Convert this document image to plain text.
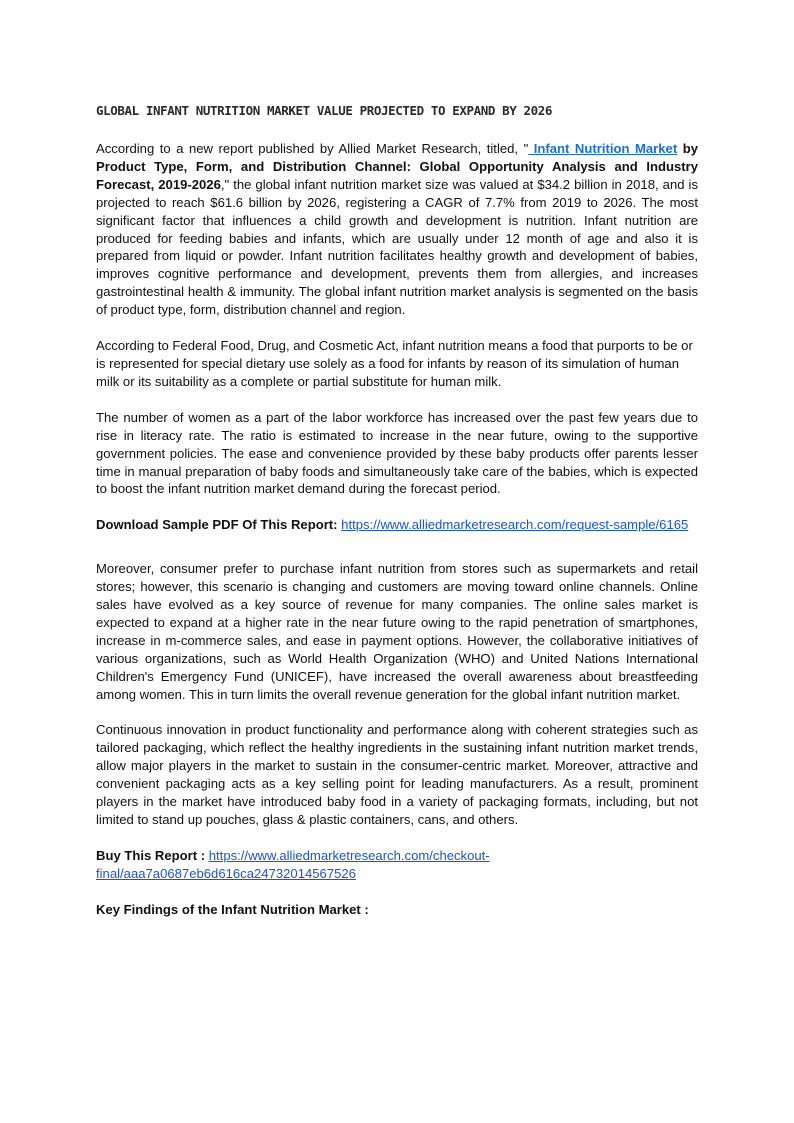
GLOBAL INFANT NUTRITION MARKET VALUE PROJECTED TO EXPAND BY 2026

According to a new report published by Allied Market Research, titled, " Infant Nutrition Market by Product Type, Form, and Distribution Channel: Global Opportunity Analysis and Industry Forecast, 2019-2026," the global infant nutrition market size was valued at $34.2 billion in 2018, and is projected to reach $61.6 billion by 2026, registering a CAGR of 7.7% from 2019 to 2026. The most significant factor that influences a child growth and development is nutrition. Infant nutrition are produced for feeding babies and infants, which are usually under 12 month of age and also it is prepared from liquid or powder. Infant nutrition facilitates healthy growth and development of babies, improves cognitive performance and development, prevents them from allergies, and increases gastrointestinal health & immunity. The global infant nutrition market analysis is segmented on the basis of product type, form, distribution channel and region.

According to Federal Food, Drug, and Cosmetic Act, infant nutrition means a food that purports to be or is represented for special dietary use solely as a food for infants by reason of its simulation of human milk or its suitability as a complete or partial substitute for human milk.

The number of women as a part of the labor workforce has increased over the past few years due to rise in literacy rate. The ratio is estimated to increase in the near future, owing to the supportive government policies. The ease and convenience provided by these baby products offer parents lesser time in manual preparation of baby foods and simultaneously take care of the babies, which is expected to boost the infant nutrition market demand during the forecast period.

Download Sample PDF Of This Report: https://www.alliedmarketresearch.com/request-sample/6165

Moreover, consumer prefer to purchase infant nutrition from stores such as supermarkets and retail stores; however, this scenario is changing and customers are moving toward online channels. Online sales have evolved as a key source of revenue for many companies. The online sales market is expected to expand at a higher rate in the near future owing to the rapid penetration of smartphones, increase in m-commerce sales, and ease in payment options. However, the collaborative initiatives of various organizations, such as World Health Organization (WHO) and United Nations International Children's Emergency Fund (UNICEF), have increased the overall awareness about breastfeeding among women. This in turn limits the overall revenue generation for the global infant nutrition market.

Continuous innovation in product functionality and performance along with coherent strategies such as tailored packaging, which reflect the healthy ingredients in the sustaining infant nutrition market trends, allow major players in the market to sustain in the consumer-centric market. Moreover, attractive and convenient packaging acts as a key selling point for leading manufacturers. As a result, prominent players in the market have introduced baby food in a variety of packaging formats, including, but not limited to stand up pouches, glass & plastic containers, cans, and others.

Buy This Report : https://www.alliedmarketresearch.com/checkout-final/aaa7a0687eb6d616ca24732014567526

Key Findings of the Infant Nutrition Market :
